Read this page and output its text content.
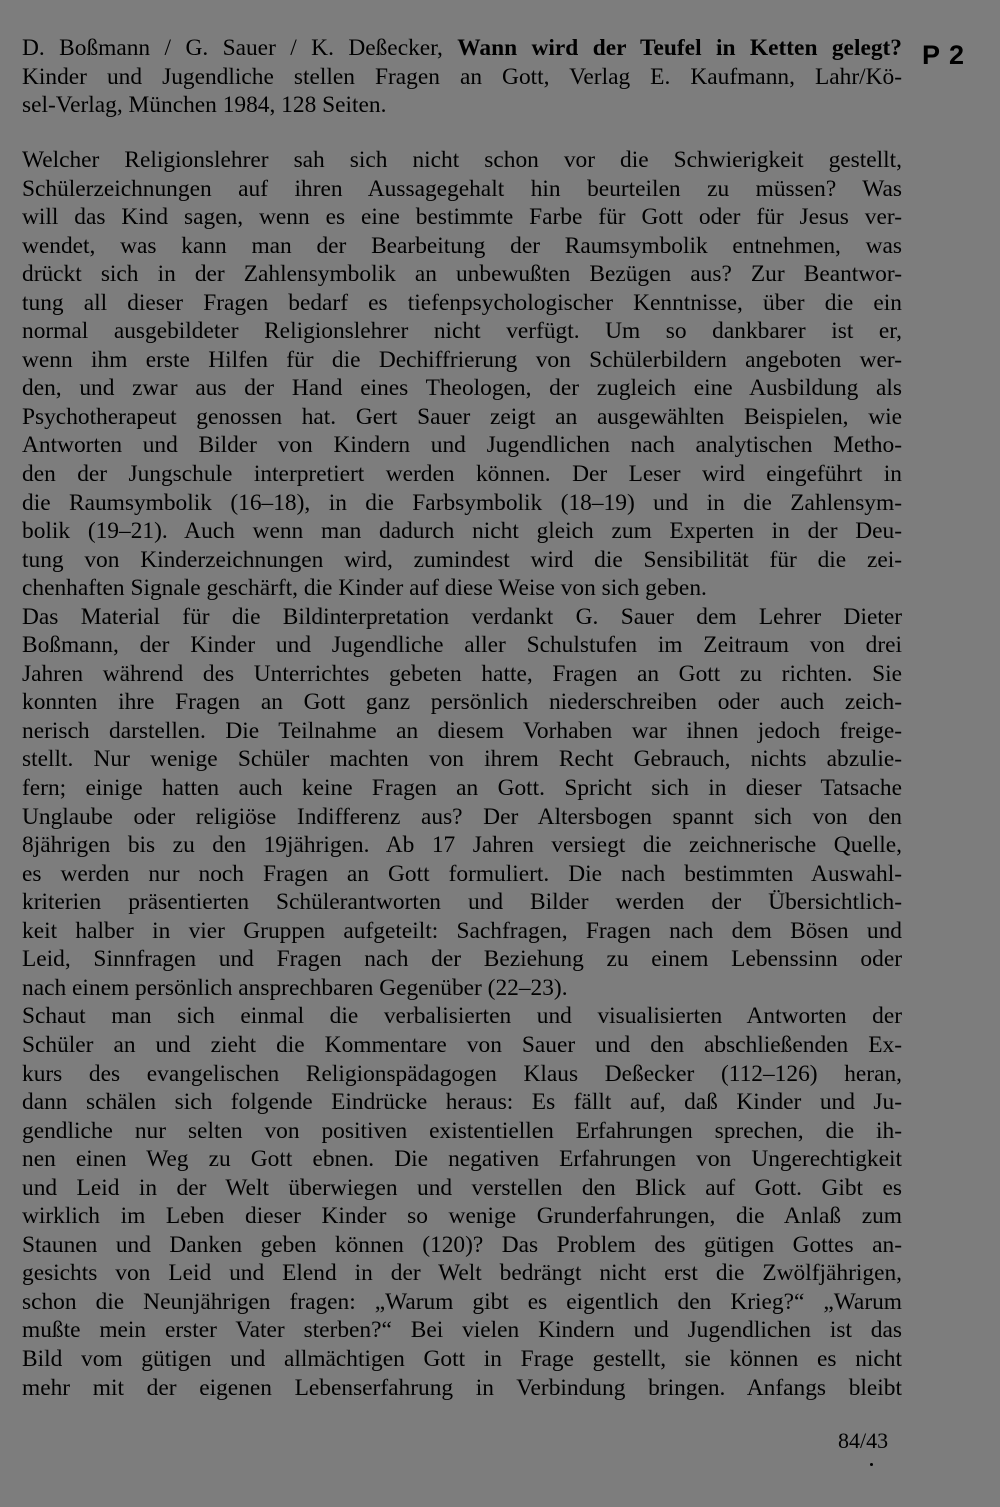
P 2
D. Boßmann / G. Sauer / K. Deßecker, Wann wird der Teufel in Ketten gelegt?
Kinder und Jugendliche stellen Fragen an Gott, Verlag E. Kaufmann, Lahr/Kö-
sel-Verlag, München 1984, 128 Seiten.
Welcher Religionslehrer sah sich nicht schon vor die Schwierigkeit gestellt,
Schülerzeichnungen auf ihren Aussagegehalt hin beurteilen zu müssen? Was
will das Kind sagen, wenn es eine bestimmte Farbe für Gott oder für Jesus ver-
wendet, was kann man der Bearbeitung der Raumsymbolik entnehmen, was
drückt sich in der Zahlensymbolik an unbewußten Bezügen aus? Zur Beantwor-
tung all dieser Fragen bedarf es tiefenpsychologischer Kenntnisse, über die ein
normal ausgebildeter Religionslehrer nicht verfügt. Um so dankbarer ist er,
wenn ihm erste Hilfen für die Dechiffrierung von Schülerbildern angeboten wer-
den, und zwar aus der Hand eines Theologen, der zugleich eine Ausbildung als
Psychotherapeut genossen hat. Gert Sauer zeigt an ausgewählten Beispielen, wie
Antworten und Bilder von Kindern und Jugendlichen nach analytischen Metho-
den der Jungschule interpretiert werden können. Der Leser wird eingeführt in
die Raumsymbolik (16–18), in die Farbsymbolik (18–19) und in die Zahlensym-
bolik (19–21). Auch wenn man dadurch nicht gleich zum Experten in der Deu-
tung von Kinderzeichnungen wird, zumindest wird die Sensibilität für die zei-
chenhaften Signale geschärft, die Kinder auf diese Weise von sich geben.
Das Material für die Bildinterpretation verdankt G. Sauer dem Lehrer Dieter
Boßmann, der Kinder und Jugendliche aller Schulstufen im Zeitraum von drei
Jahren während des Unterrichtes gebeten hatte, Fragen an Gott zu richten. Sie
konnten ihre Fragen an Gott ganz persönlich niederschreiben oder auch zeich-
nerisch darstellen. Die Teilnahme an diesem Vorhaben war ihnen jedoch freige-
stellt. Nur wenige Schüler machten von ihrem Recht Gebrauch, nichts abzulie-
fern; einige hatten auch keine Fragen an Gott. Spricht sich in dieser Tatsache
Unglaube oder religiöse Indifferenz aus? Der Altersbogen spannt sich von den
8jährigen bis zu den 19jährigen. Ab 17 Jahren versiegt die zeichnerische Quelle,
es werden nur noch Fragen an Gott formuliert. Die nach bestimmten Auswahl-
kriterien präsentierten Schülerantworten und Bilder werden der Übersichtlich-
keit halber in vier Gruppen aufgeteilt: Sachfragen, Fragen nach dem Bösen und
Leid, Sinnfragen und Fragen nach der Beziehung zu einem Lebenssinn oder
nach einem persönlich ansprechbaren Gegenüber (22–23).
Schaut man sich einmal die verbalisierten und visualisierten Antworten der
Schüler an und zieht die Kommentare von Sauer und den abschließenden Ex-
kurs des evangelischen Religionspädagogen Klaus Deßecker (112–126) heran,
dann schälen sich folgende Eindrücke heraus: Es fällt auf, daß Kinder und Ju-
gendliche nur selten von positiven existentiellen Erfahrungen sprechen, die ih-
nen einen Weg zu Gott ebnen. Die negativen Erfahrungen von Ungerechtigkeit
und Leid in der Welt überwiegen und verstellen den Blick auf Gott. Gibt es
wirklich im Leben dieser Kinder so wenige Grunderfahrungen, die Anlaß zum
Staunen und Danken geben können (120)? Das Problem des gütigen Gottes an-
gesichts von Leid und Elend in der Welt bedrängt nicht erst die Zwölfjährigen,
schon die Neunjährigen fragen: „Warum gibt es eigentlich den Krieg?“ „Warum
mußte mein erster Vater sterben?“ Bei vielen Kindern und Jugendlichen ist das
Bild vom gütigen und allmächtigen Gott in Frage gestellt, sie können es nicht
mehr mit der eigenen Lebenserfahrung in Verbindung bringen. Anfangs bleibt
84/43
